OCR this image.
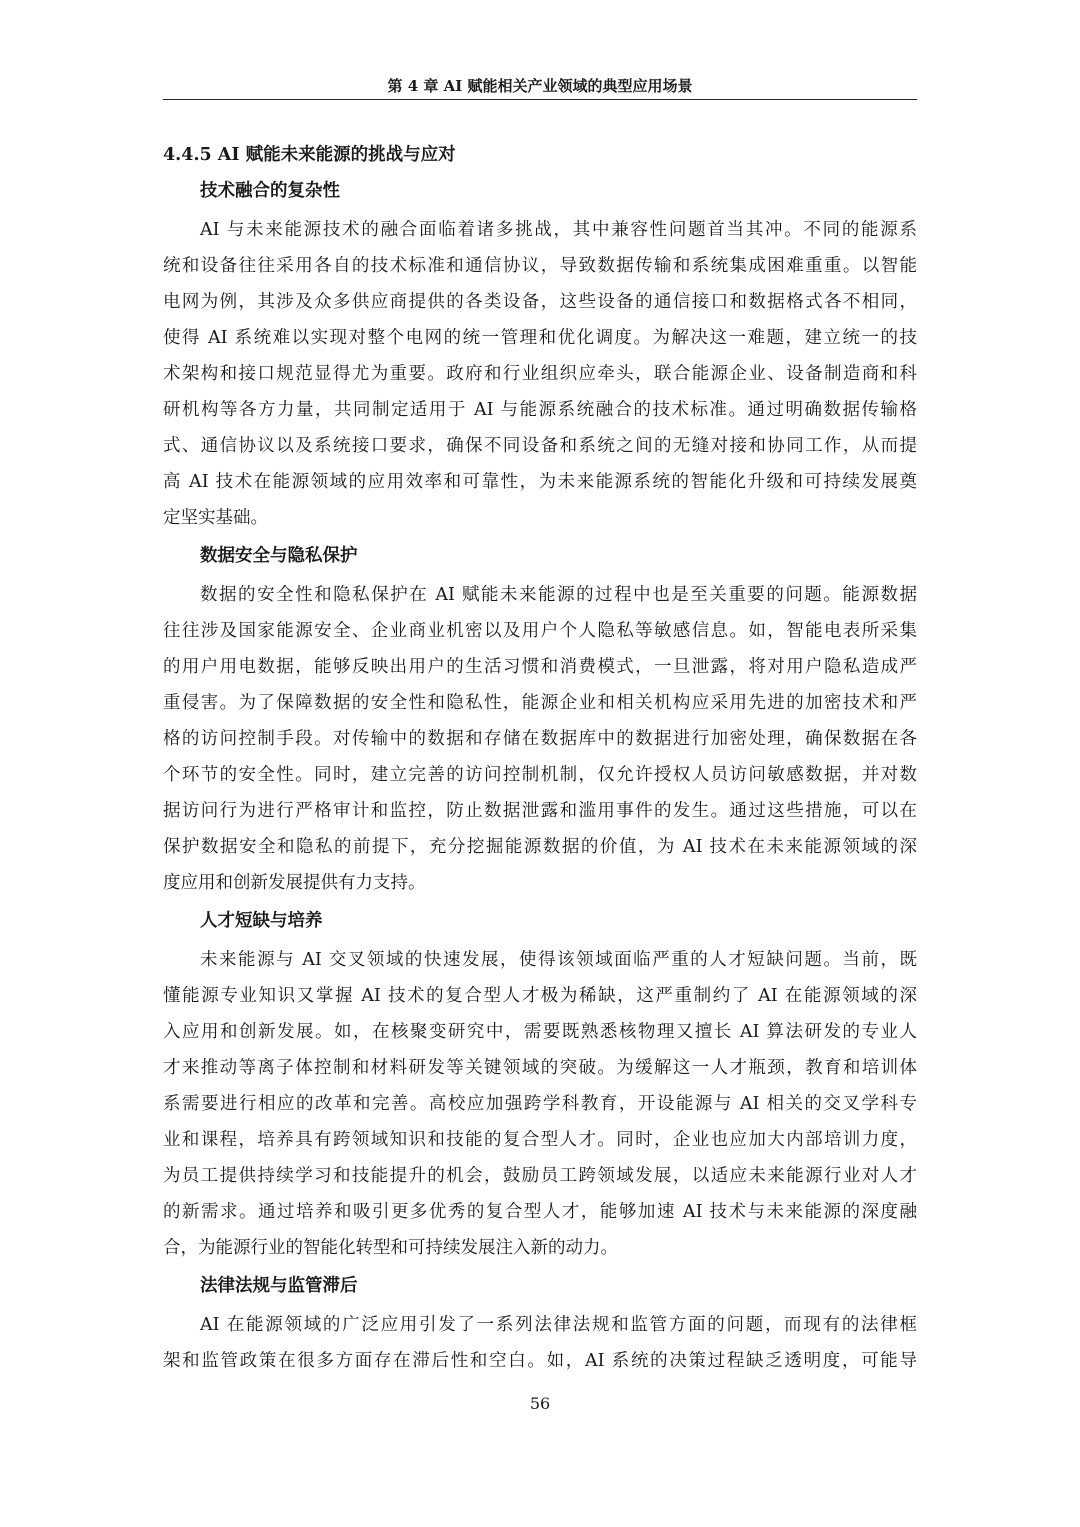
第 4 章 AI 赋能相关产业领域的典型应用场景
4.4.5 AI 赋能未来能源的挑战与应对
技术融合的复杂性
AI 与未来能源技术的融合面临着诸多挑战，其中兼容性问题首当其冲。不同的能源系
统和设备往往采用各自的技术标准和通信协议，导致数据传输和系统集成困难重重。以智能
电网为例，其涉及众多供应商提供的各类设备，这些设备的通信接口和数据格式各不相同，
使得 AI 系统难以实现对整个电网的统一管理和优化调度。为解决这一难题，建立统一的技
术架构和接口规范显得尤为重要。政府和行业组织应牵头，联合能源企业、设备制造商和科
研机构等各方力量，共同制定适用于 AI 与能源系统融合的技术标准。通过明确数据传输格
式、通信协议以及系统接口要求，确保不同设备和系统之间的无缝对接和协同工作，从而提
高 AI 技术在能源领域的应用效率和可靠性，为未来能源系统的智能化升级和可持续发展奠
定坚实基础。
数据安全与隐私保护
数据的安全性和隐私保护在 AI 赋能未来能源的过程中也是至关重要的问题。能源数据
往往涉及国家能源安全、企业商业机密以及用户个人隐私等敏感信息。如，智能电表所采集
的用户用电数据，能够反映出用户的生活习惯和消费模式，一旦泄露，将对用户隐私造成严
重侵害。为了保障数据的安全性和隐私性，能源企业和相关机构应采用先进的加密技术和严
格的访问控制手段。对传输中的数据和存储在数据库中的数据进行加密处理，确保数据在各
个环节的安全性。同时，建立完善的访问控制机制，仅允许授权人员访问敏感数据，并对数
据访问行为进行严格审计和监控，防止数据泄露和滥用事件的发生。通过这些措施，可以在
保护数据安全和隐私的前提下，充分挖掘能源数据的价值，为 AI 技术在未来能源领域的深
度应用和创新发展提供有力支持。
人才短缺与培养
未来能源与 AI 交叉领域的快速发展，使得该领域面临严重的人才短缺问题。当前，既
懂能源专业知识又掌握 AI 技术的复合型人才极为稀缺，这严重制约了 AI 在能源领域的深
入应用和创新发展。如，在核聚变研究中，需要既熟悉核物理又擅长 AI 算法研发的专业人
才来推动等离子体控制和材料研发等关键领域的突破。为缓解这一人才瓶颈，教育和培训体
系需要进行相应的改革和完善。高校应加强跨学科教育，开设能源与 AI 相关的交叉学科专
业和课程，培养具有跨领域知识和技能的复合型人才。同时，企业也应加大内部培训力度，
为员工提供持续学习和技能提升的机会，鼓励员工跨领域发展，以适应未来能源行业对人才
的新需求。通过培养和吸引更多优秀的复合型人才，能够加速 AI 技术与未来能源的深度融
合，为能源行业的智能化转型和可持续发展注入新的动力。
法律法规与监管滞后
AI 在能源领域的广泛应用引发了一系列法律法规和监管方面的问题，而现有的法律框
架和监管政策在很多方面存在滞后性和空白。如，AI 系统的决策过程缺乏透明度，可能导
56
